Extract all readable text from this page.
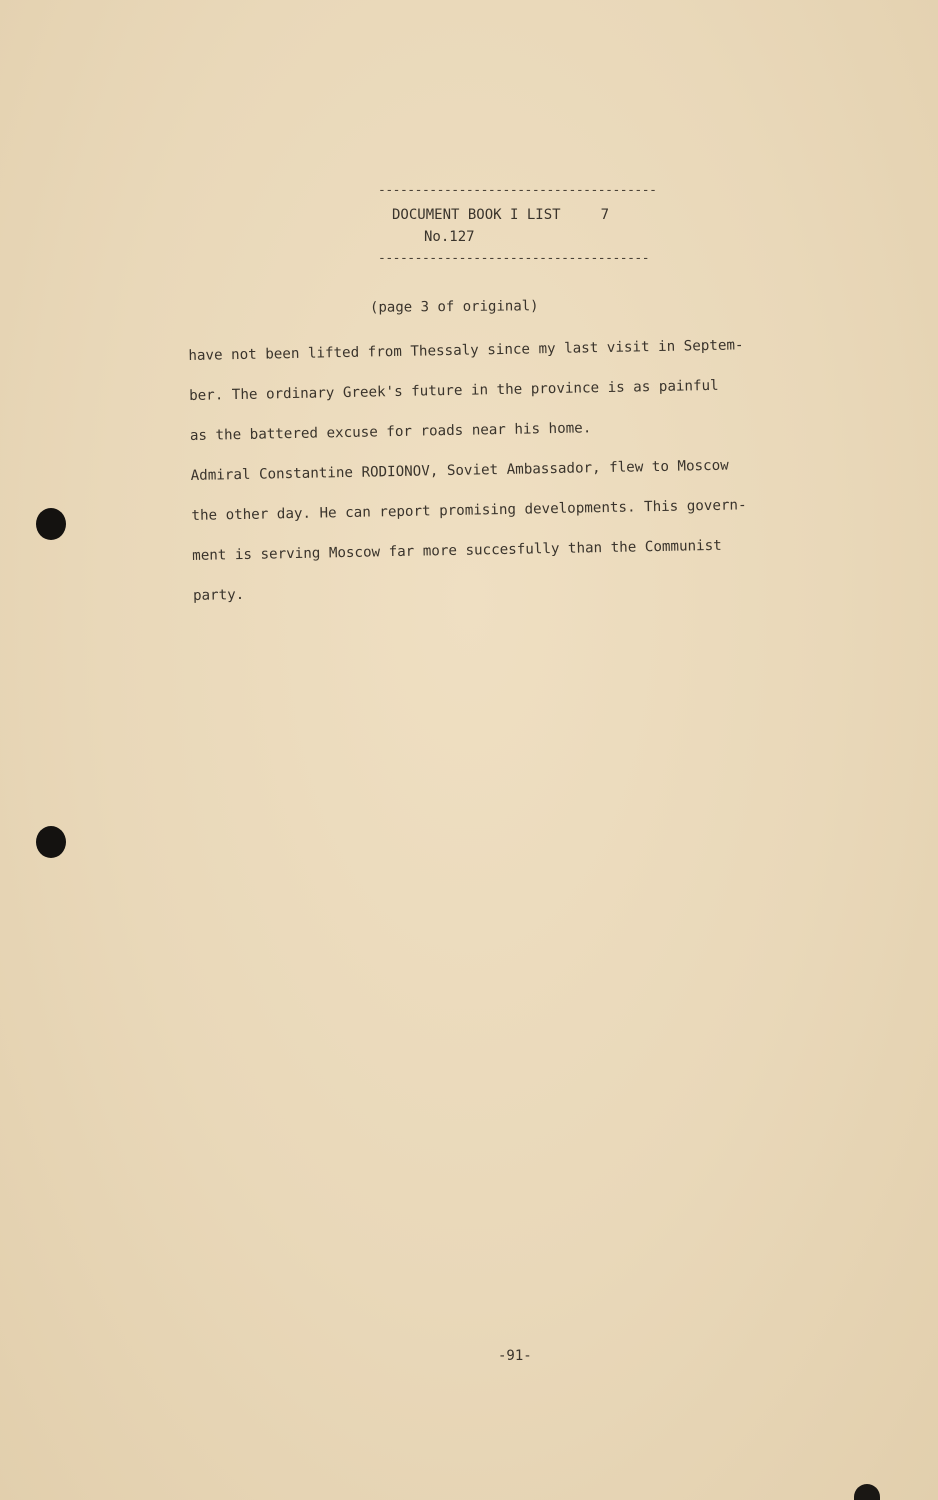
--------------------------------------
DOCUMENT BOOK I LIST	7
No.127
-------------------------------------
(page 3 of original)
have not been lifted from Thessaly since my last visit in Septem-
ber. The ordinary Greek's future in the province is as painful
as the battered excuse for roads near his home.
Admiral Constantine RODIONOV, Soviet Ambassador, flew to Moscow
the other day. He can report promising developments. This govern-
ment is serving Moscow far more succesfully than the Communist
party.
-91-
